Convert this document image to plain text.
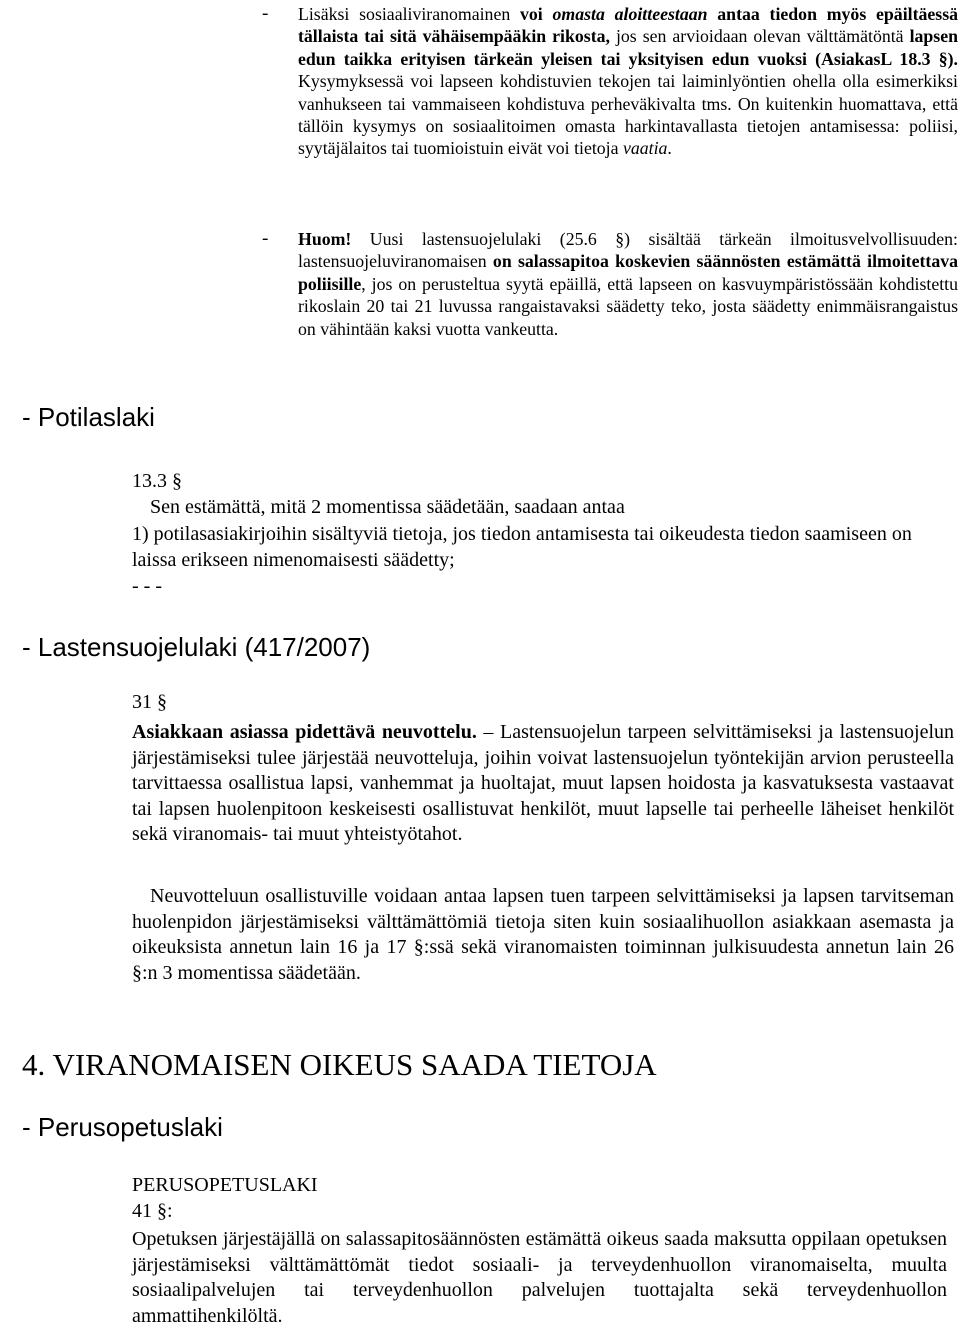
- Lisäksi sosiaaliviranomainen voi omasta aloitteestaan antaa tiedon myös epäiltäessä tällaista tai sitä vähäisempääkin rikosta, jos sen arvioidaan olevan välttämätöntä lapsen edun taikka erityisen tärkeän yleisen tai yksityisen edun vuoksi (AsiakasL 18.3 §). Kysymyksessä voi lapseen kohdistuvien tekojen tai laiminlyöntien ohella olla esimerkiksi vanhukseen tai vammaiseen kohdistuva perheväkivalta tms. On kuitenkin huomattava, että tällöin kysymys on sosiaalitoimen omasta harkintavallasta tietojen antamisessa: poliisi, syytäjälaitos tai tuomioistuin eivät voi tietoja vaatia.
- Huom! Uusi lastensuojelulaki (25.6 §) sisältää tärkeän ilmoitusvelvollisuuden: lastensuojeluviranomaisen on salassapitoa koskevien säännösten estämättä ilmoitettava poliisille, jos on perusteltua syytä epäillä, että lapseen on kasvuympäristössään kohdistettu rikoslain 20 tai 21 luvussa rangaistavaksi säädetty teko, josta säädetty enimmäisrangaistus on vähintään kaksi vuotta vankeutta.
- Potilaslaki
13.3 §
Sen estämättä, mitä 2 momentissa säädetään, saadaan antaa
1) potilasasiakirjoihin sisältyviä tietoja, jos tiedon antamisesta tai oikeudesta tiedon saamiseen on laissa erikseen nimenomaisesti säädetty;
- - -
- Lastensuojelulaki (417/2007)
31 §
Asiakkaan asiassa pidettävä neuvottelu. – Lastensuojelun tarpeen selvittämiseksi ja lastensuojelun järjestämiseksi tulee järjestää neuvotteluja, joihin voivat lastensuojelun työntekijän arvion perusteella tarvittaessa osallistua lapsi, vanhemmat ja huoltajat, muut lapsen hoidosta ja kasvatuksesta vastaavat tai lapsen huolenpitoon keskeisesti osallistuvat henkilöt, muut lapselle tai perheelle läheiset henkilöt sekä viranomais- tai muut yhteistyötahot.
Neuvotteluun osallistuville voidaan antaa lapsen tuen tarpeen selvittämiseksi ja lapsen tarvitseman huolenpidon järjestämiseksi välttämättömiä tietoja siten kuin sosiaalihuollon asiakkaan asemasta ja oikeuksista annetun lain 16 ja 17 §:ssä sekä viranomaisten toiminnan julkisuudesta annetun lain 26 §:n 3 momentissa säädetään.
4. VIRANOMAISEN OIKEUS SAADA TIETOJA
- Perusopetuslaki
PERUSOPETUSLAKI
41 §:
Opetuksen järjestäjällä on salassapitosäännösten estämättä oikeus saada maksutta oppilaan opetuksen järjestämiseksi välttämättömät tiedot sosiaali- ja terveydenhuollon viranomaiselta, muulta sosiaalipalvelujen tai terveydenhuollon palvelujen tuottajalta sekä terveydenhuollon ammattihenkilöltä.
